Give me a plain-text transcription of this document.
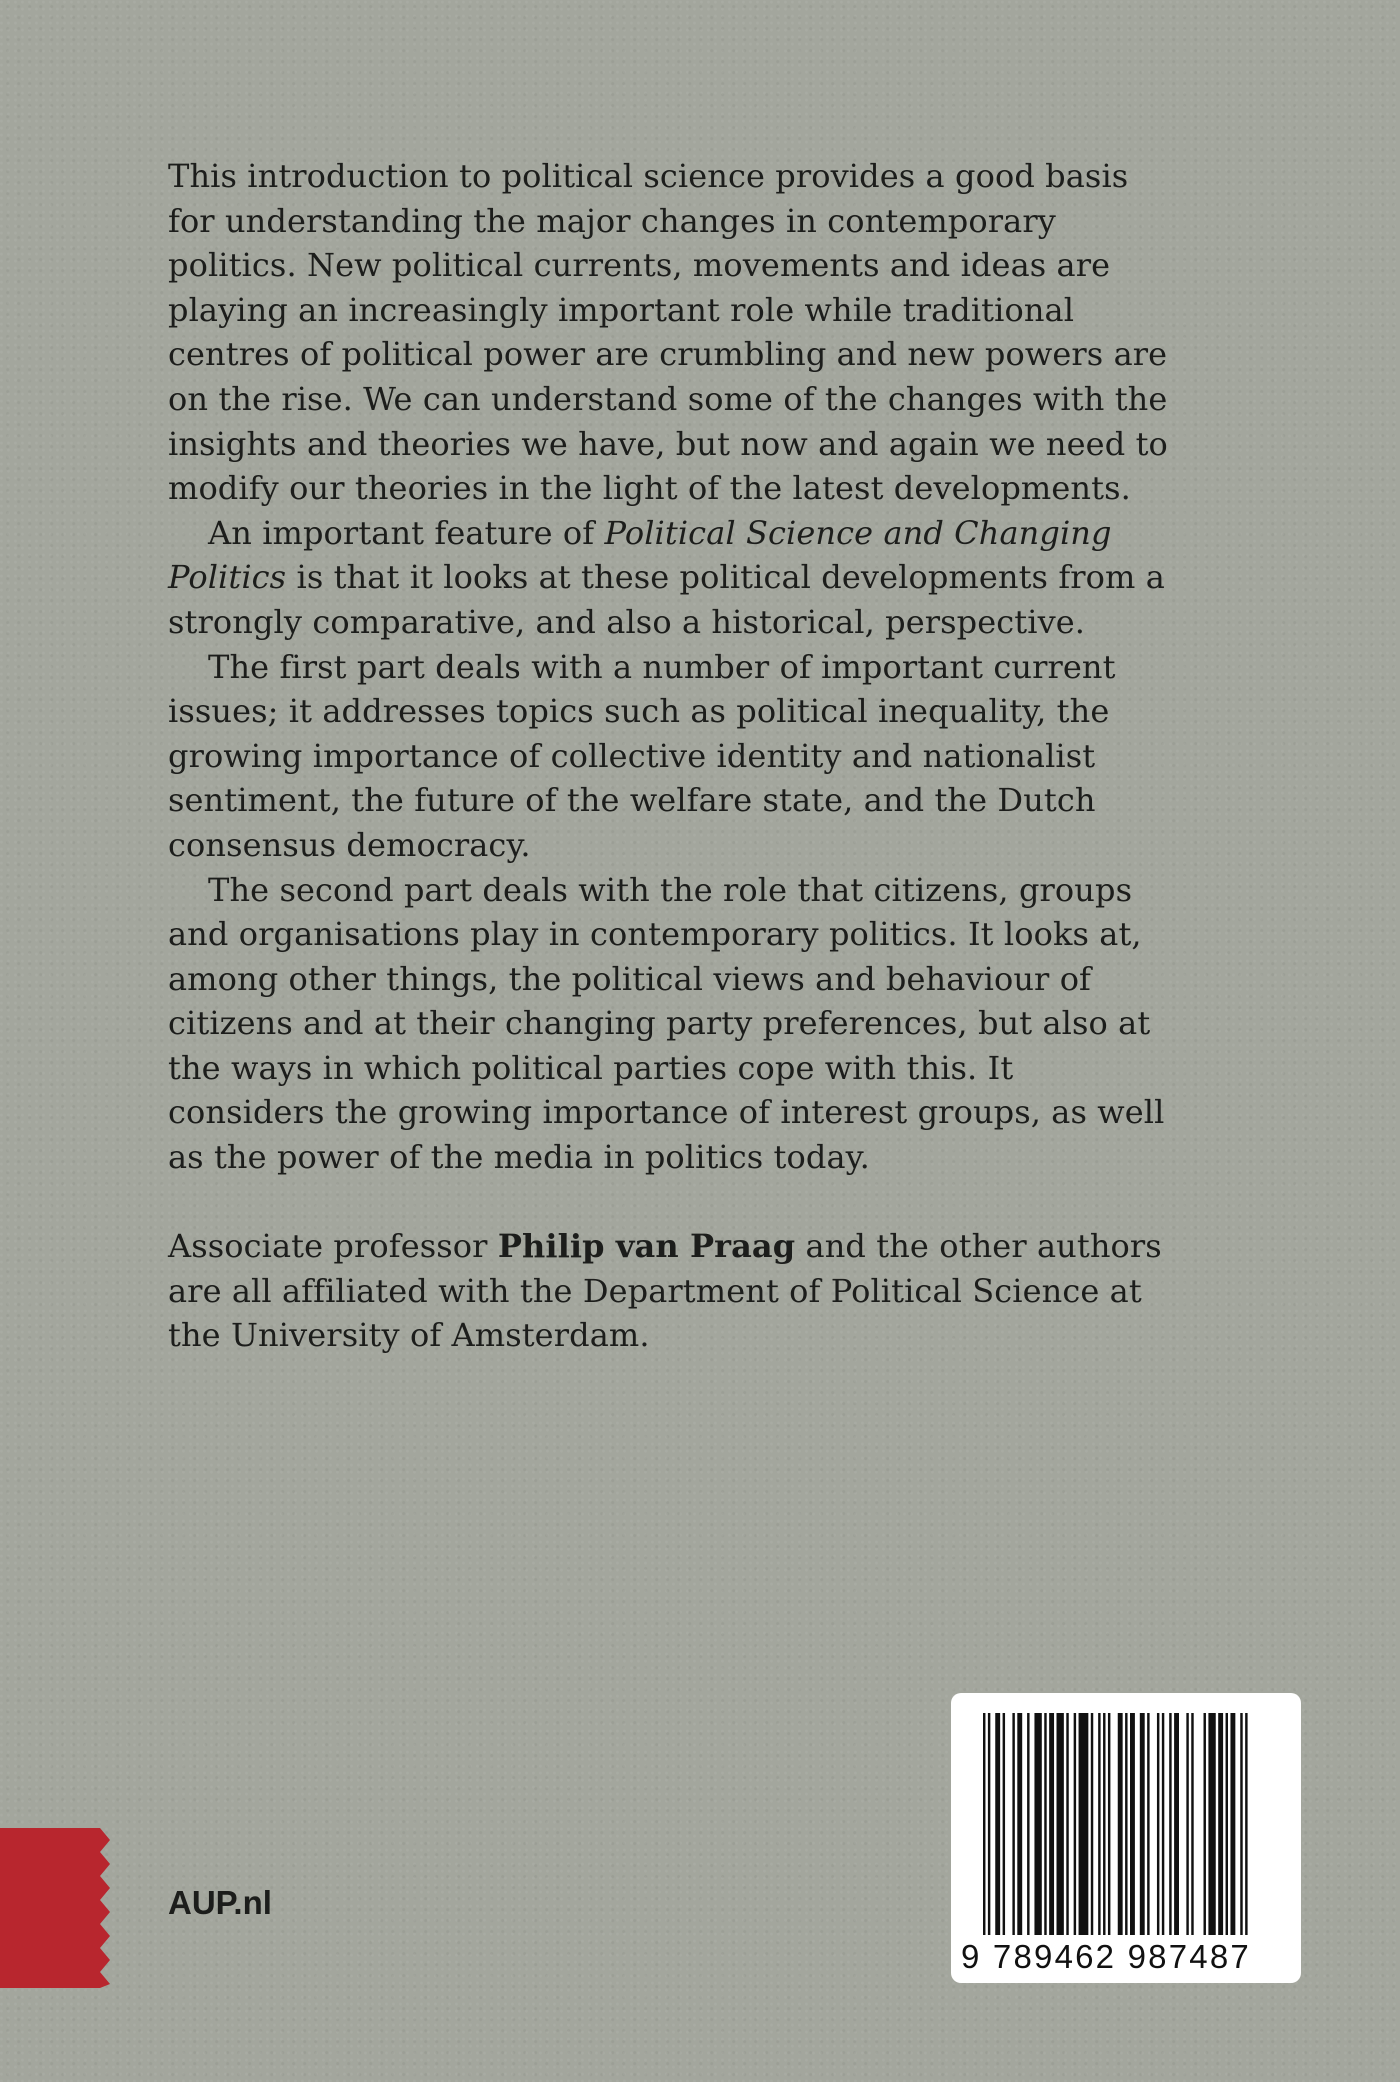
This introduction to political science provides a good basis for understanding the major changes in contemporary politics. New political currents, movements and ideas are playing an increasingly important role while traditional centres of political power are crumbling and new powers are on the rise. We can understand some of the changes with the insights and theories we have, but now and again we need to modify our theories in the light of the latest developments.

An important feature of Political Science and Changing Politics is that it looks at these political developments from a strongly comparative, and also a historical, perspective.

The first part deals with a number of important current issues; it addresses topics such as political inequality, the growing importance of collective identity and nationalist sentiment, the future of the welfare state, and the Dutch consensus democracy.

The second part deals with the role that citizens, groups and organisations play in contemporary politics. It looks at, among other things, the political views and behaviour of citizens and at their changing party preferences, but also at the ways in which political parties cope with this. It considers the growing importance of interest groups, as well as the power of the media in politics today.

Associate professor Philip van Praag and the other authors are all affiliated with the Department of Political Science at the University of Amsterdam.

AUP.nl
9 789462 987487
